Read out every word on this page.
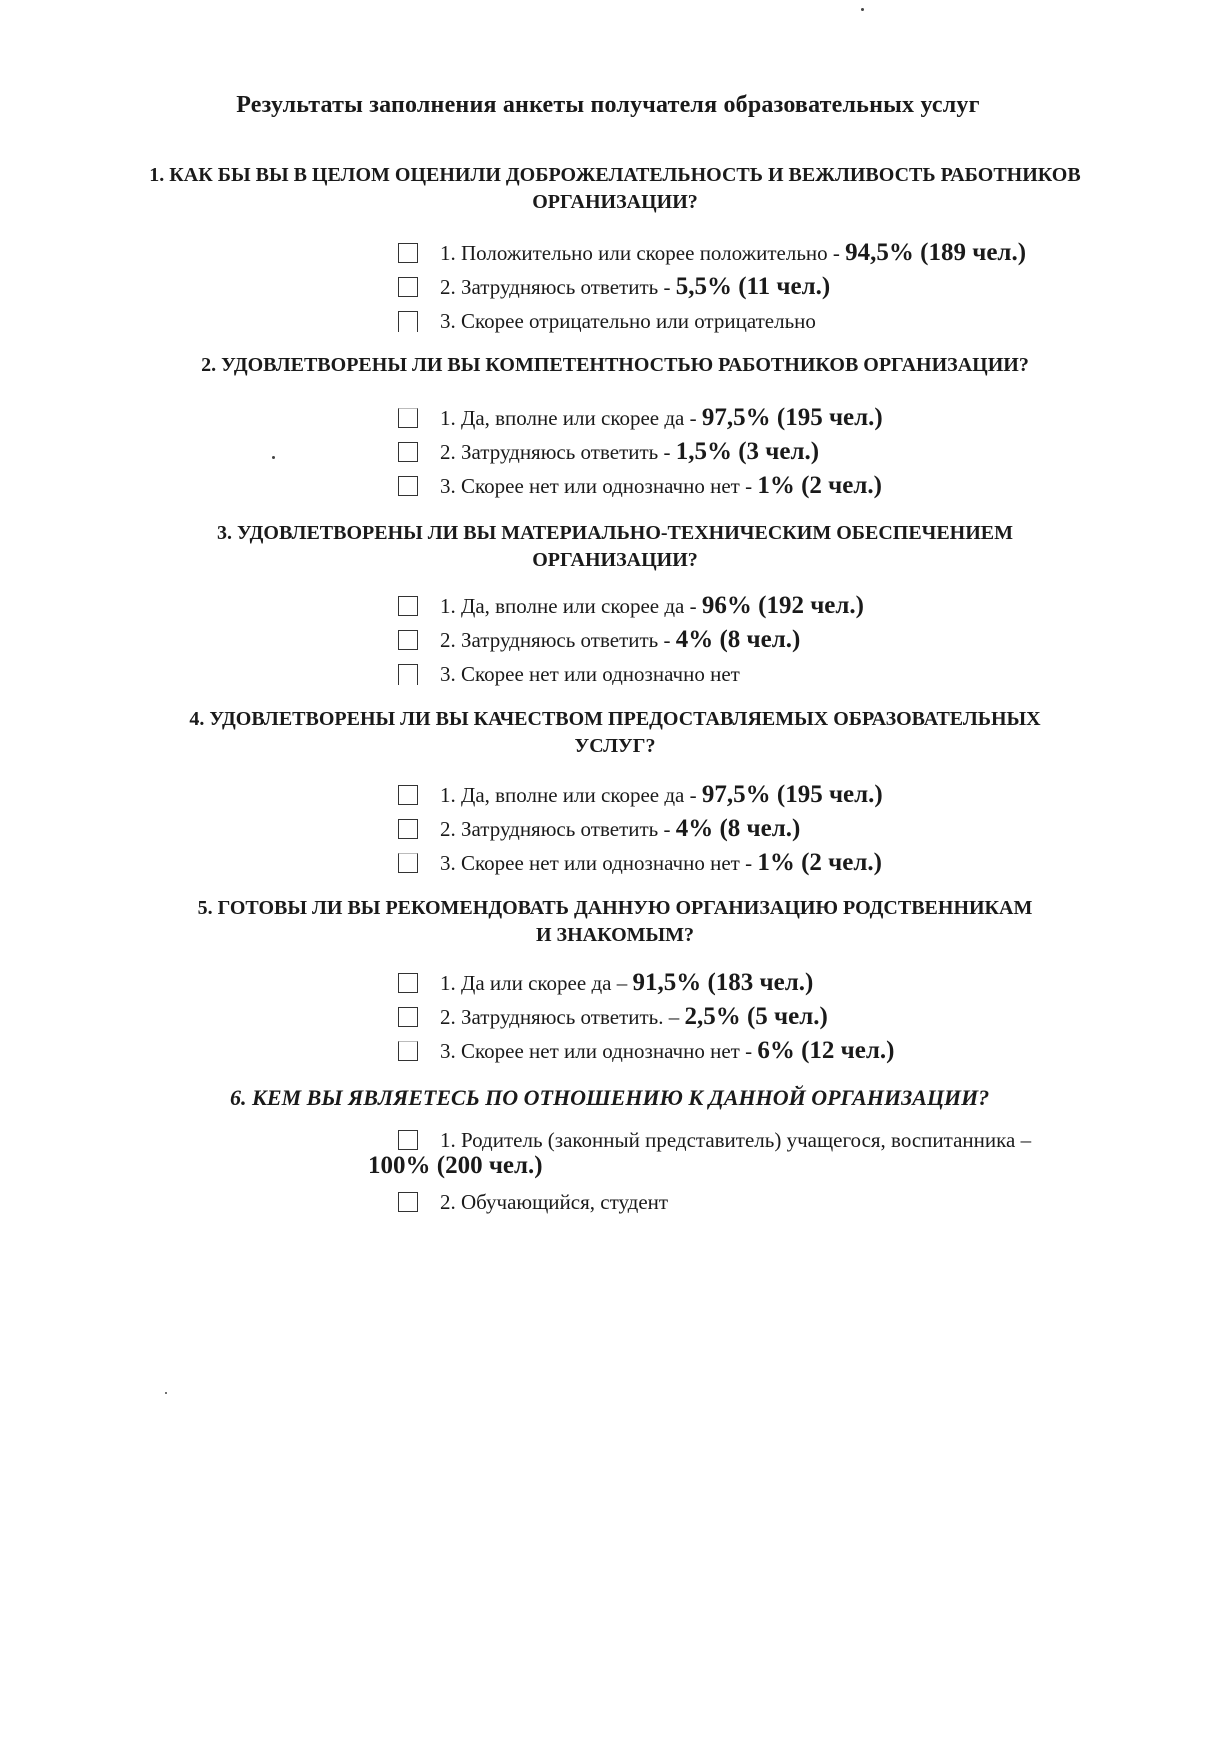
Результаты заполнения анкеты получателя образовательных услуг
1. КАК БЫ ВЫ В ЦЕЛОМ ОЦЕНИЛИ ДОБРОЖЕЛАТЕЛЬНОСТЬ И ВЕЖЛИВОСТЬ РАБОТНИКОВ
ОРГАНИЗАЦИИ?
1. Положительно или скорее положительно - 94,5% (189 чел.)
2. Затрудняюсь ответить - 5,5% (11 чел.)
3. Скорее отрицательно или отрицательно
2. УДОВЛЕТВОРЕНЫ ЛИ ВЫ КОМПЕТЕНТНОСТЬЮ РАБОТНИКОВ ОРГАНИЗАЦИИ?
1. Да, вполне или скорее да - 97,5% (195 чел.)
2. Затрудняюсь ответить - 1,5% (3 чел.)
3. Скорее нет или однозначно нет - 1% (2 чел.)
3. УДОВЛЕТВОРЕНЫ ЛИ ВЫ МАТЕРИАЛЬНО-ТЕХНИЧЕСКИМ ОБЕСПЕЧЕНИЕМ
ОРГАНИЗАЦИИ?
1. Да, вполне или скорее да - 96% (192 чел.)
2. Затрудняюсь ответить - 4% (8 чел.)
3. Скорее нет или однозначно нет
4. УДОВЛЕТВОРЕНЫ ЛИ ВЫ КАЧЕСТВОМ ПРЕДОСТАВЛЯЕМЫХ ОБРАЗОВАТЕЛЬНЫХ
УСЛУГ?
1. Да, вполне или скорее да - 97,5% (195 чел.)
2. Затрудняюсь ответить - 4% (8 чел.)
3. Скорее нет или однозначно нет - 1% (2 чел.)
5. ГОТОВЫ ЛИ ВЫ РЕКОМЕНДОВАТЬ ДАННУЮ ОРГАНИЗАЦИЮ РОДСТВЕННИКАМ
И ЗНАКОМЫМ?
1. Да или скорее да – 91,5% (183 чел.)
2. Затрудняюсь ответить. – 2,5% (5 чел.)
3. Скорее нет или однозначно нет - 6% (12 чел.)
6. КЕМ ВЫ ЯВЛЯЕТЕСЬ ПО ОТНОШЕНИЮ К ДАННОЙ ОРГАНИЗАЦИИ?
1. Родитель (законный представитель) учащегося, воспитанника –
100% (200 чел.)
2. Обучающийся, студент
